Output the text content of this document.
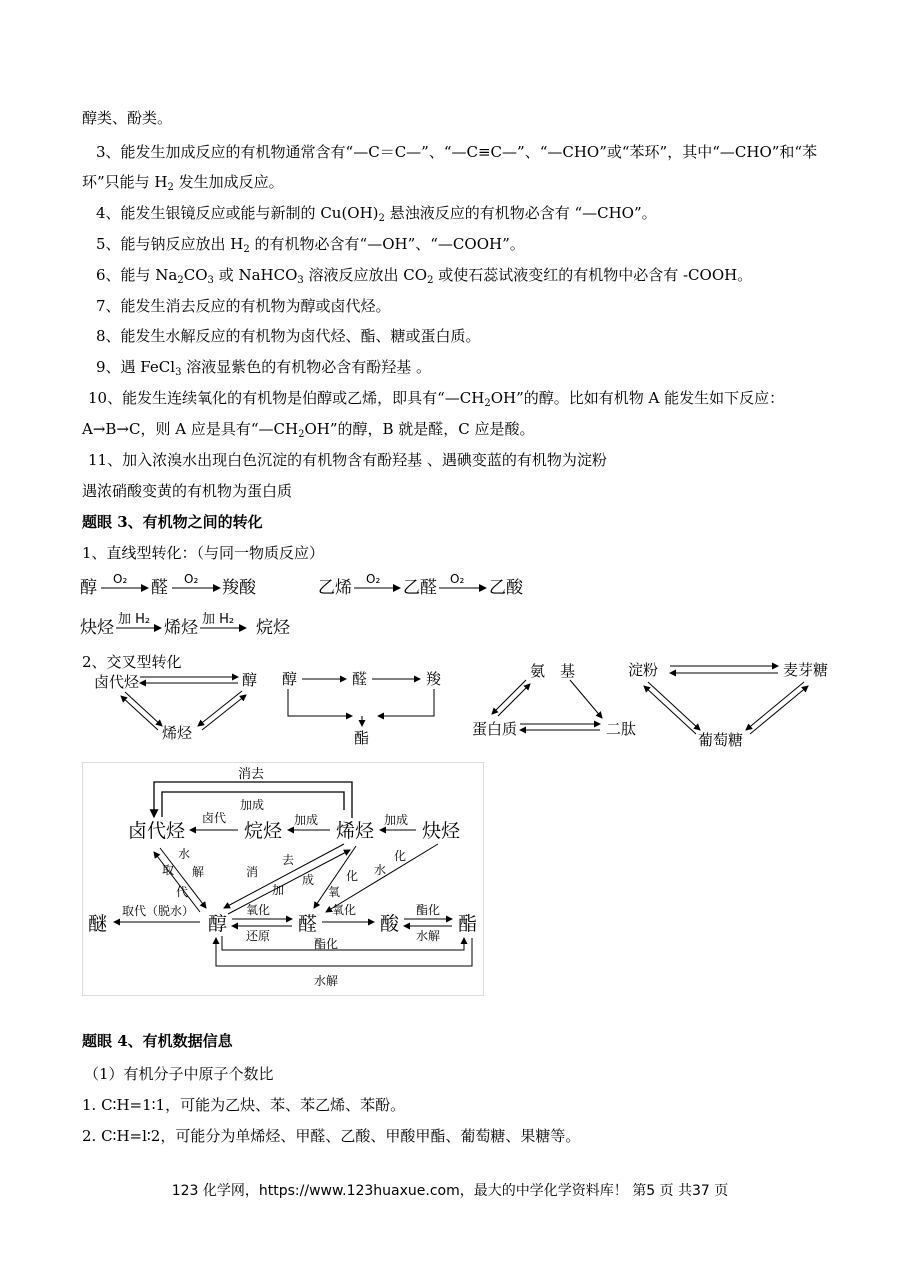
醇类、酚类。
3、能发生加成反应的有机物通常含有“—C＝C—”、“—C≡C—”、“—CHO”或“苯环”，其中“—CHO”和“苯
环”只能与 $H_2$ 发生加成反应。
4、能发生银镜反应或能与新制的 $Cu(OH)_2$ 悬浊液反应的有机物必含有 “—CHO”。
5、能与钠反应放出 $H_2$ 的有机物必含有“—OH”、“—COOH”。
6、能与 $Na_2CO_3$ 或 NaHCO$_3$ 溶液反应放出 $CO_2$ 或使石蕊试液变红的有机物中必含有 -COOH。
7、能发生消去反应的有机物为醇或卤代烃。
8、能发生水解反应的有机物为卤代烃、酯、糖或蛋白质。
9、遇 FeCl$_3$ 溶液显紫色的有机物必含有酚羟基 。
10、能发生连续氧化的有机物是伯醇或乙烯，即具有“$—CH_2OH$”的醇。比如有机物 A 能发生如下反应：
A→B→C，则 A 应是具有“$—CH_2OH$”的醇，B 就是醛，C 应是酸。
11、加入浓溴水出现白色沉淀的有机物含有酚羟基 、遇碘变蓝的有机物为淀粉
遇浓硝酸变黄的有机物为蛋白质
题眼 3、有机物之间的转化
1、直线型转化：（与同一物质反应）
醇 O₂ 醛 O₂ 羧酸	乙烯 O₂ 乙醛 O₂ 乙酸
炔烃 加 H₂ 烯烃 加 H₂ 烷烃
2、交叉型转化
卤代烃	醇
烯烃
醇	醛	羧
酯
氨 基
蛋白质	二肽
淀粉	麦芽糖
葡萄糖
消去
加成
卤代烃	烷烃	烯烃	炔烃
卤代	加成	加成
醚	醇	醛	酸	酯
水
解
取
代
消
去
加
成	化
氧
水
化
取代（脱水）	氧化
还原
氧化	酯化
水解
酯化
水解
题眼 4、有机数据信息
（1）有机分子中原子个数比
1. C∶H=1∶1，可能为乙炔、苯、苯乙烯、苯酚。
2. C∶H=l∶2，可能分为单烯烃、甲醛、乙酸、甲酸甲酯、葡萄糖、果糖等。
123 化学网，https://www.123huaxue.com，最大的中学化学资料库！ 第5 页 共37 页
